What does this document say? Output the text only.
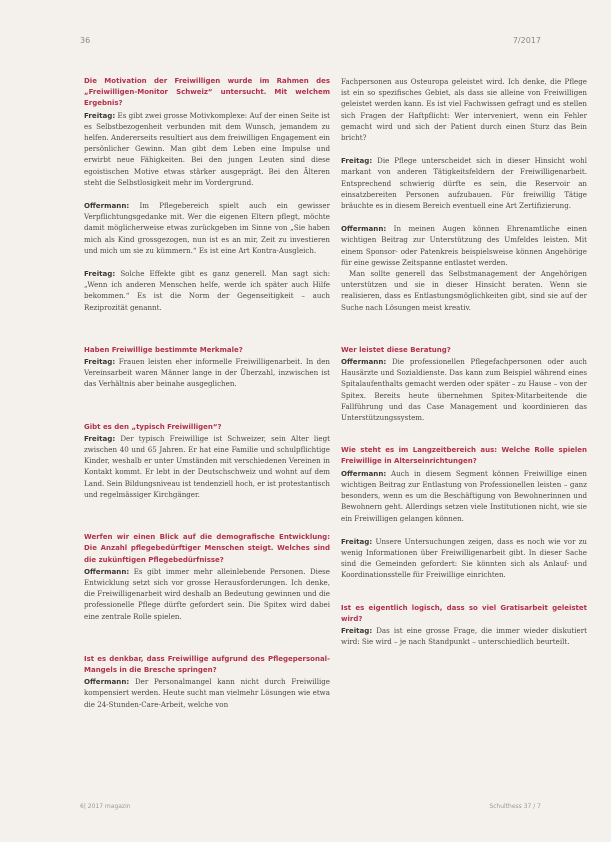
36	7/2017

Die Motivation der Freiwilligen wurde im Rahmen des „Freiwilligen-Monitor Schweiz“ untersucht. Mit welchem Ergebnis?

Freitag: Es gibt zwei grosse Motivkomplexe: Auf der einen Seite ist es Selbstbezogenheit verbunden mit dem Wunsch, jemandem zu helfen. Andererseits resultiert aus dem freiwilligen Engagement ein persönlicher Gewinn. Man gibt dem Leben eine Impulse und erwirbt neue Fähigkeiten. Bei den jungen Leuten sind diese egoistischen Motive etwas stärker ausgeprägt. Bei den Älteren steht die Selbstlosigkeit mehr im Vordergrund.

Offermann: Im Pflegebereich spielt auch ein gewisser Verpflichtungsgedanke mit. Wer die eigenen Eltern pflegt, möchte damit möglicherweise etwas zurückgeben im Sinne von „Sie haben mich als Kind grossgezogen, nun ist es an mir, Zeit zu investieren und mich um sie zu kümmern.“ Es ist eine Art Kontra-Ausgleich.

Freitag: Solche Effekte gibt es ganz generell. Man sagt sich: „Wenn ich anderen Menschen helfe, werde ich später auch Hilfe bekommen.“ Es ist die Norm der Gegenseitigkeit – auch Reziprozität genannt.

Haben Freiwillige bestimmte Merkmale?

Freitag: Frauen leisten eher informelle Freiwilligenarbeit. In den Vereinsarbeit waren Männer lange in der Überzahl, inzwischen ist das Verhältnis aber beinahe ausgeglichen.

Gibt es den „typisch Freiwilligen“?

Freitag: Der typisch Freiwillige ist Schweizer, sein Alter liegt zwischen 40 und 65 Jahren. Er hat eine Familie und schulpflichtige Kinder, weshalb er unter Umständen mit verschiedenen Vereinen in Kontakt kommt. Er lebt in der Deutschschweiz und wohnt auf dem Land. Sein Bildungsniveau ist tendenziell hoch, er ist protestantisch und regelmässiger Kirchgänger.

Werfen wir einen Blick auf die demografische Entwicklung: Die Anzahl pflegebedürftiger Menschen steigt. Welches sind die zukünftigen Pflegebedürfnisse?

Offermann: Es gibt immer mehr alleinlebende Personen. Diese Entwicklung setzt sich vor grosse Herausforderungen. Ich denke, die Freiwilligenarbeit wird deshalb an Bedeutung gewinnen und die professionelle Pflege dürfte gefordert sein. Die Spitex wird dabei eine zentrale Rolle spielen.

Ist es denkbar, dass Freiwillige aufgrund des Pflegepersonal-Mangels in die Bresche springen?

Offermann: Der Personalmangel kann nicht durch Freiwillige kompensiert werden. Heute sucht man vielmehr Lösungen wie etwa die 24-Stunden-Care-Arbeit, welche von

Fachpersonen aus Osteuropa geleistet wird. Ich denke, die Pflege ist ein so spezifisches Gebiet, als dass sie alleine von Freiwilligen geleistet werden kann. Es ist viel Fachwissen gefragt und es stellen sich Fragen der Haftpflicht: Wer interveniert, wenn ein Fehler gemacht wird und sich der Patient durch einen Sturz das Bein bricht?

Freitag: Die Pflege unterscheidet sich in dieser Hinsicht wohl markant von anderen Tätigkeitsfeldern der Freiwilligenarbeit. Entsprechend schwierig dürfte es sein, die Reservoir an einsatzbereiten Personen aufzubauen. Für freiwillig Tätige bräuchte es in diesem Bereich eventuell eine Art Zertifizierung.

Offermann: In meinen Augen können Ehrenamtliche einen wichtigen Beitrag zur Unterstützung des Umfeldes leisten. Mit einem Sponsor- oder Patenkreis beispielsweise können Angehörige für eine gewisse Zeitspanne entlastet werden.

Man sollte generell das Selbstmanagement der Angehörigen unterstützen und sie in dieser Hinsicht beraten. Wenn sie realisieren, dass es Entlastungsmöglichkeiten gibt, sind sie auf der Suche nach Lösungen meist kreativ.

Wer leistet diese Beratung?

Offermann: Die professionellen Pflegefachpersonen oder auch Hausärzte und Sozialdienste. Das kann zum Beispiel während eines Spitalaufenthalts gemacht werden oder später – zu Hause – von der Spitex. Bereits heute übernehmen Spitex-Mitarbeitende die Fallführung und das Case Management und koordinieren das Unterstützungssystem.

Wie steht es im Langzeitbereich aus: Welche Rolle spielen Freiwillige in Alterseinrichtungen?

Offermann: Auch in diesem Segment können Freiwillige einen wichtigen Beitrag zur Entlastung von Professionellen leisten – ganz besonders, wenn es um die Beschäftigung von Bewohnerinnen und Bewohnern geht. Allerdings setzen viele Institutionen nicht, wie sie ein Freiwilligen gelangen können.

Freitag: Unsere Untersuchungen zeigen, dass es noch wie vor zu wenig Informationen über Freiwilligenarbeit gibt. In dieser Sache sind die Gemeinden gefordert: Sie könnten sich als Anlauf- und Koordinationsstelle für Freiwillige einrichten.

Ist es eigentlich logisch, dass so viel Gratisarbeit geleistet wird?

Freitag: Das ist eine grosse Frage, die immer wieder diskutiert wird: Sie wird – je nach Standpunkt – unterschiedlich beurteilt.

6| 2017 magazin	Schulthess 37 / 7
